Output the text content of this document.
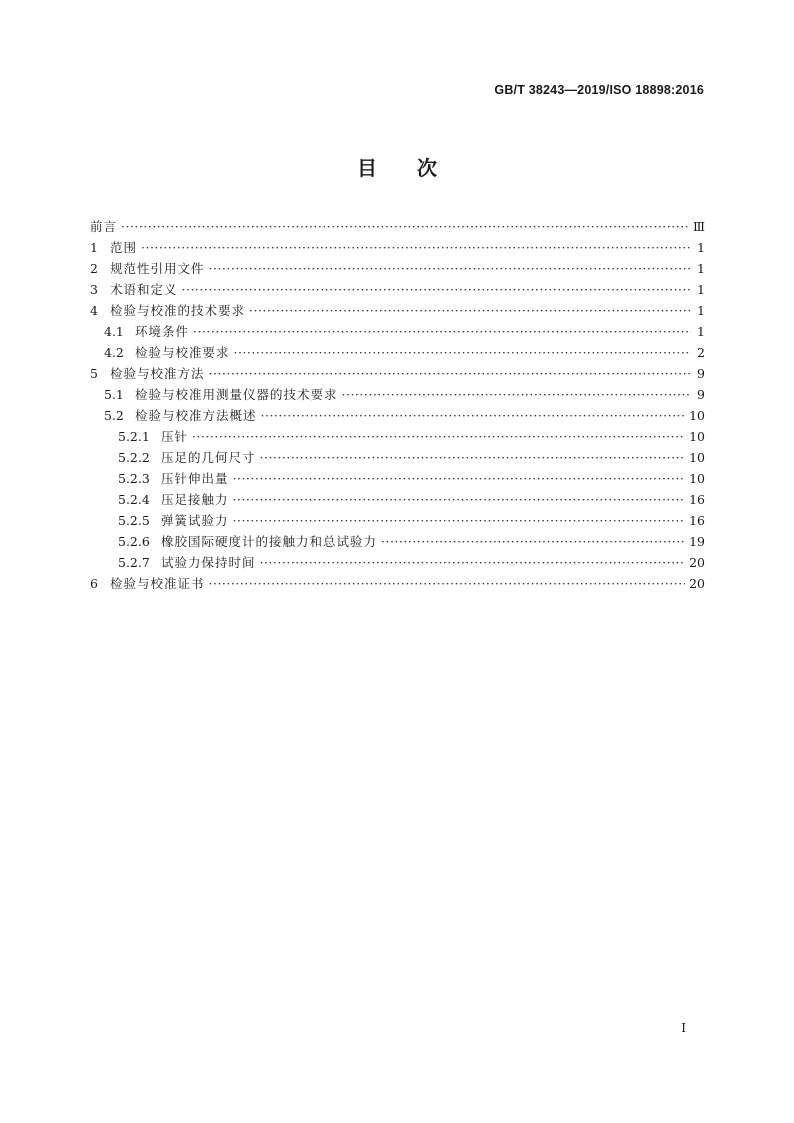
GB/T 38243—2019/ISO 18898:2016
目次
前言 ·····	Ⅲ
1 范围 ·····	1
2 规范性引用文件 ·····	1
3 术语和定义 ·····	1
4 检验与校准的技术要求 ·····	1
4.1 环境条件 ·····	1
4.2 检验与校准要求 ·····	2
5 检验与校准方法 ·····	9
5.1 检验与校准用测量仪器的技术要求 ·····	9
5.2 检验与校准方法概述 ·····	10
5.2.1 压针 ·····	10
5.2.2 压足的几何尺寸 ·····	10
5.2.3 压针伸出量 ·····	10
5.2.4 压足接触力 ·····	16
5.2.5 弹簧试验力 ·····	16
5.2.6 橡胶国际硬度计的接触力和总试验力 ·····	19
5.2.7 试验力保持时间 ·····	20
6 检验与校准证书 ·····	20
I
